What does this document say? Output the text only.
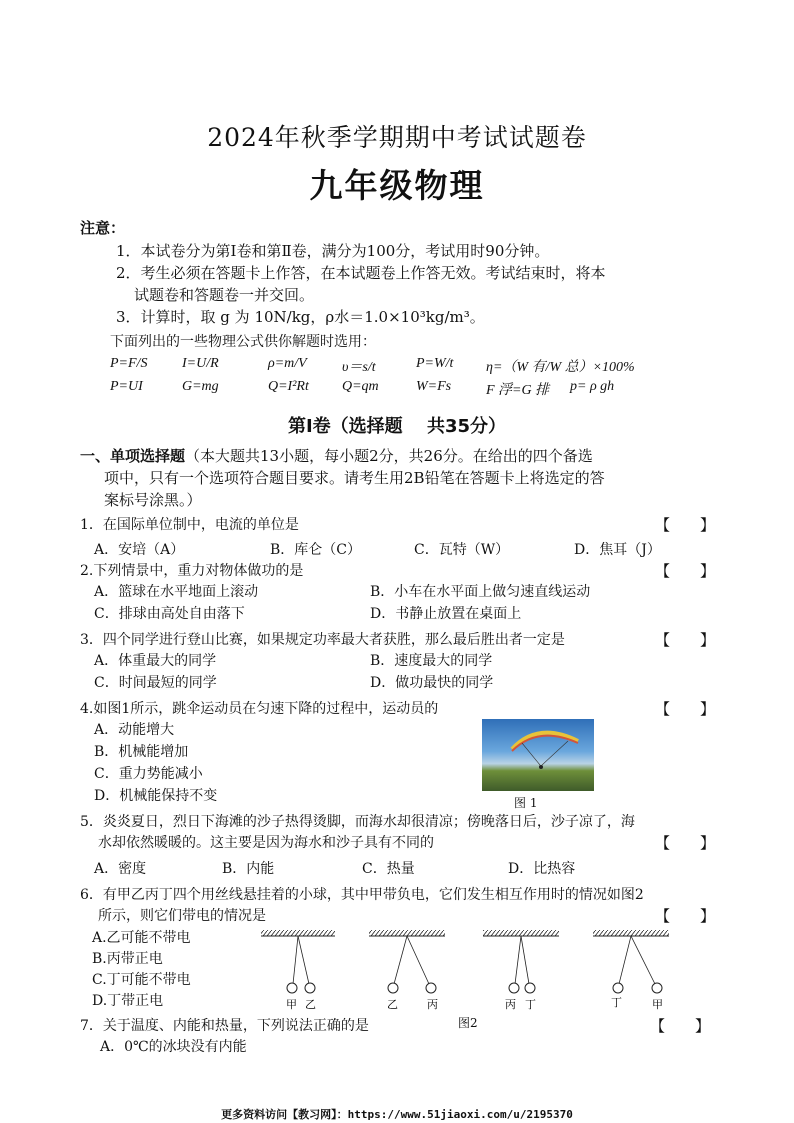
2024年秋季学期期中考试试题卷
九年级物理
注意：
1．本试卷分为第Ⅰ卷和第Ⅱ卷，满分为100分，考试用时90分钟。
2．考生必须在答题卡上作答，在本试题卷上作答无效。考试结束时，将本
试题卷和答题卷一并交回。
3．计算时，取 g 为 10N/kg，ρ水＝1.0×10³kg/m³。
下面列出的一些物理公式供你解题时选用：
P=F/S I=U/R	ρ=m/V	υ＝s/t	P=W/t η=（W 有/W 总）×100%
P=UI	G=mg	Q=I²Rt Q=qm	W=Fs F 浮=G 排 p= ρ gh
第Ⅰ卷（选择题　 共35分）
一、单项选择题（本大题共13小题，每小题2分，共26分。在给出的四个备选
项中，只有一个选项符合题目要求。请考生用2B铅笔在答题卡上将选定的答
案标号涂黑。）
1．在国际单位制中，电流的单位是	【　　】
A．安培（A）	B．库仑（C）	C．瓦特（W）	D．焦耳（J）
2.下列情景中，重力对物体做功的是	【　　】
A．篮球在水平地面上滚动	B．小车在水平面上做匀速直线运动
C．排球由高处自由落下	D．书静止放置在桌面上
3．四个同学进行登山比赛，如果规定功率最大者获胜，那么最后胜出者一定是	【　　】
A．体重最大的同学	B．速度最大的同学
C．时间最短的同学	D．做功最快的同学
4.如图1所示，跳伞运动员在匀速下降的过程中，运动员的	【　　】
A．动能增大
B．机械能增加
C．重力势能减小
D．机械能保持不变	图 1
5．炎炎夏日，烈日下海滩的沙子热得烫脚，而海水却很清凉；傍晚落日后，沙子凉了，海
水却依然暖暖的。这主要是因为海水和沙子具有不同的	【　　】
A．密度	B．内能	C．热量	D．比热容
6．有甲乙丙丁四个用丝线悬挂着的小球，其中甲带负电，它们发生相互作用时的情况如图2
所示，则它们带电的情况是	【　　】
A.乙可能不带电
B.丙带正电
C.丁可能不带电
D.丁带正电	甲 乙	乙	丙	丙 丁	丁	甲
图2
7．关于温度、内能和热量，下列说法正确的是	【　　】
A．0℃的冰块没有内能
更多资料访问【教习网】：https://www.51jiaoxi.com/u/2195370
